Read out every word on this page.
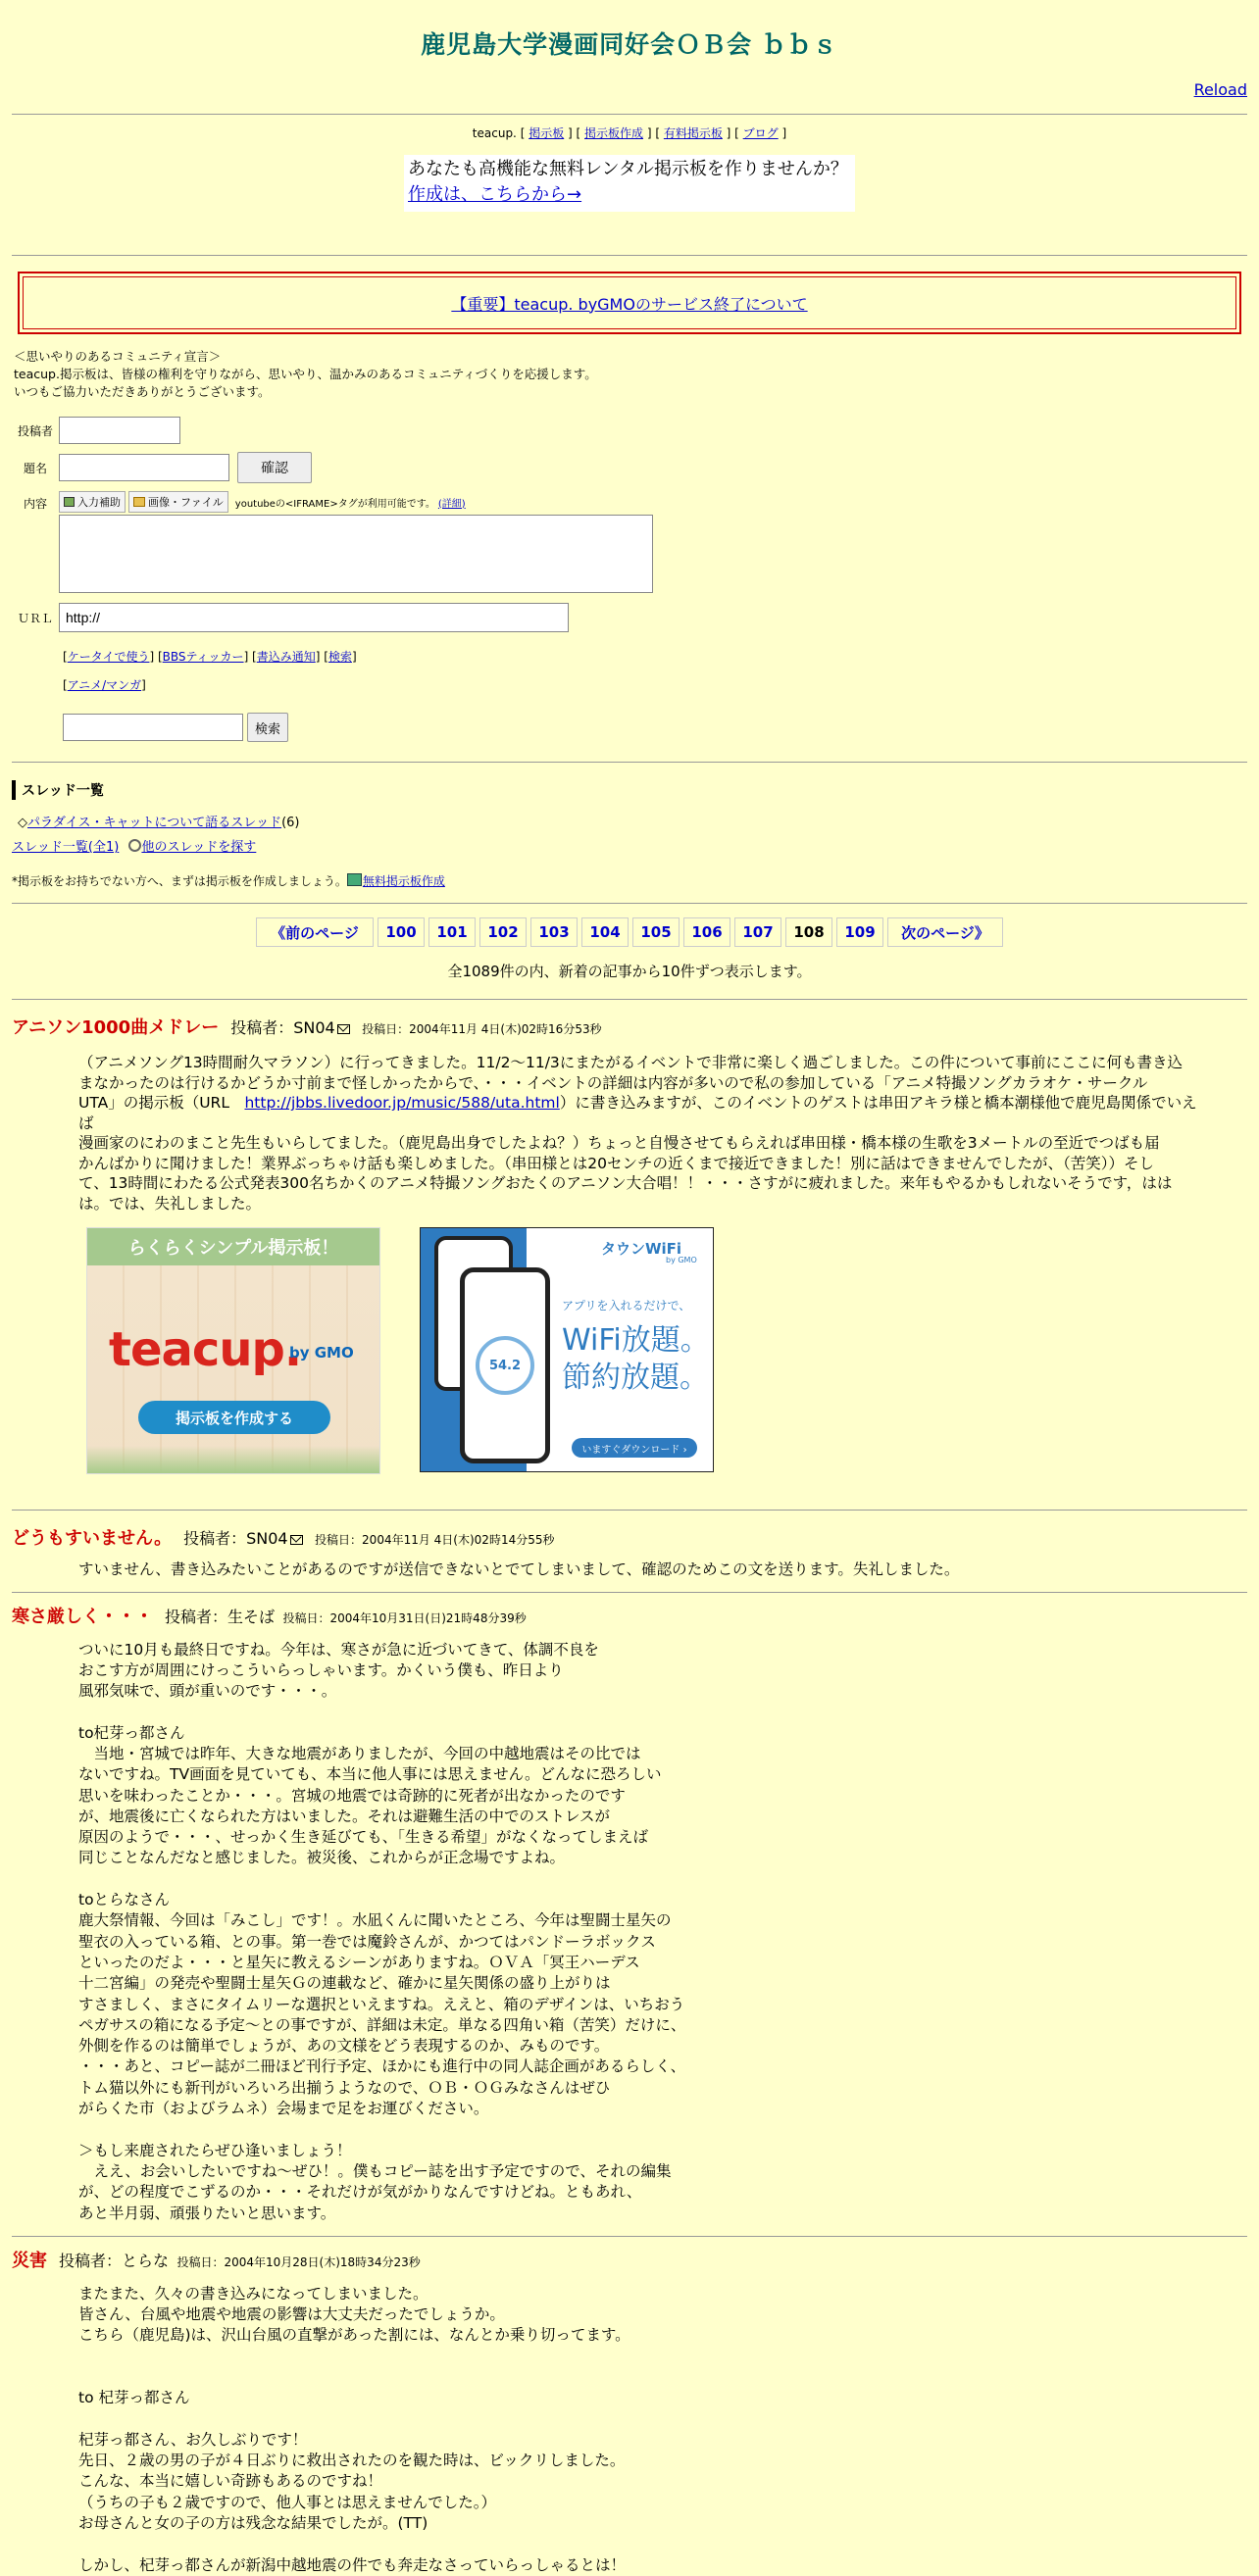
鹿児島大学漫画同好会ＯＢ会 ｂｂｓ
Reload
teacup. [ 掲示板 ] [ 掲示板作成 ] [ 有料掲示板 ] [ ブログ ]
あなたも高機能な無料レンタル掲示板を作りませんか？
作成は、こちらから→
【重要】teacup. byGMOのサービス終了について
＜思いやりのあるコミュニティ宣言＞
teacup.掲示板は、皆様の権利を守りながら、思いやり、温かみのあるコミュニティづくりを応援します。
いつもご協力いただきありがとうございます。
投稿者
題名	確認
内容	入力補助	画像・ファイル youtubeの<IFRAME>タグが利用可能です。 (詳細)
ＵＲＬ
http://
[ケータイで使う] [BBSティッカー] [書込み通知] [検索]
[アニメ/マンガ]
検索
スレッド一覧
◇パラダイス・キャットについて語るスレッド(6)
スレッド一覧(全1) 他のスレッドを探す
*掲示板をお持ちでない方へ、まずは掲示板を作成しましょう。 無料掲示板作成
《前のページ	100	101	102	103	104	105	106	107	108	109	次のページ》
全1089件の内、新着の記事から10件ずつ表示します。
アニソン1000曲メドレー 投稿者：SN04 投稿日：2004年11月 4日(木)02時16分53秒

（アニメソング13時間耐久マラソン）に行ってきました。11/2～11/3にまたがるイベントで非常に楽しく過ごしました。この件について事前にここに何も書き込

まなかったのは行けるかどうか寸前まで怪しかったからで、・・・イベントの詳細は内容が多いので私の参加している「アニメ特撮ソングカラオケ・サークル

UTA」の掲示板（URL　http://jbbs.livedoor.jp/music/588/uta.html）に書き込みますが、このイベントのゲストは串田アキラ様と橋本潮様他で鹿児島関係でいえば

漫画家のにわのまこと先生もいらしてました。（鹿児島出身でしたよね？）ちょっと自慢させてもらえれば串田様・橋本様の生歌を3メートルの至近でつばも届

かんばかりに聞けました！業界ぶっちゃけ話も楽しめました。（串田様とは20センチの近くまで接近できました！別に話はできませんでしたが、（苦笑））そし

て、13時間にわたる公式発表300名ちかくのアニメ特撮ソングおたくのアニソン大合唱！！・・・さすがに疲れました。来年もやるかもしれないそうです，はは

は。では、失礼しました。

らくらくシンプル掲示板！
teacup.
by GMO
掲示板を作成する
54.2
タウンWiFi
by GMO
アプリを入れるだけで、
WiFi放題。
節約放題。
いますぐダウンロード ›
どうもすいません。 投稿者：SN04 投稿日：2004年11月 4日(木)02時14分55秒

すいません、書き込みたいことがあるのですが送信できないとでてしまいまして、確認のためこの文を送ります。失礼しました。

寒さ厳しく・・・ 投稿者：生そば 投稿日：2004年10月31日(日)21時48分39秒

ついに10月も最終日ですね。今年は、寒さが急に近づいてきて、体調不良を

おこす方が周囲にけっこういらっしゃいます。かくいう僕も、昨日より

風邪気味で、頭が重いのです・・・。

to杞芽っ都さん

　当地・宮城では昨年、大きな地震がありましたが、今回の中越地震はその比では

ないですね。TV画面を見ていても、本当に他人事には思えません。どんなに恐ろしい

思いを味わったことか・・・。宮城の地震では奇跡的に死者が出なかったのです

が、地震後に亡くなられた方はいました。それは避難生活の中でのストレスが

原因のようで・・・、せっかく生き延びても、「生きる希望」がなくなってしまえば

同じことなんだなと感じました。被災後、これからが正念場ですよね。

toとらなさん

鹿大祭情報、今回は「みこし」です！。水凪くんに聞いたところ、今年は聖闘士星矢の

聖衣の入っている箱、との事。第一巻では魔鈴さんが、かつてはパンドーラボックス

といったのだよ・・・と星矢に教えるシーンがありますね。ＯＶＡ「冥王ハーデス

十二宮編」の発売や聖闘士星矢Ｇの連載など、確かに星矢関係の盛り上がりは

すさましく、まさにタイムリーな選択といえますね。ええと、箱のデザインは、いちおう

ペガサスの箱になる予定～との事ですが、詳細は未定。単なる四角い箱（苦笑）だけに、

外側を作るのは簡単でしょうが、あの文様をどう表現するのか、みものです。

・・・あと、コピー誌が二冊ほど刊行予定、ほかにも進行中の同人誌企画があるらしく、

トム猫以外にも新刊がいろいろ出揃うようなので、ＯＢ・ＯＧみなさんはぜひ

がらくた市（およびラムネ）会場まで足をお運びください。

＞もし来鹿されたらぜひ逢いましょう！

　ええ、お会いしたいですね～ぜひ！。僕もコピー誌を出す予定ですので、それの編集

が、どの程度でこずるのか・・・それだけが気がかりなんですけどね。ともあれ、

あと半月弱、頑張りたいと思います。

災害 投稿者：とらな 投稿日：2004年10月28日(木)18時34分23秒

またまた、久々の書き込みになってしまいました。

皆さん、台風や地震や地震の影響は大丈夫だったでしょうか。

こちら（鹿児島)は、沢山台風の直撃があった割には、なんとか乗り切ってます。

to 杞芽っ都さん

杞芽っ都さん、お久しぶりです！

先日、２歳の男の子が４日ぶりに救出されたのを観た時は、ビックリしました。

こんな、本当に嬉しい奇跡もあるのですね！

（うちの子も２歳ですので、他人事とは思えませんでした。）

お母さんと女の子の方は残念な結果でしたが。(TT)

しかし、杞芽っ都さんが新潟中越地震の件でも奔走なさっていらっしゃるとは！
